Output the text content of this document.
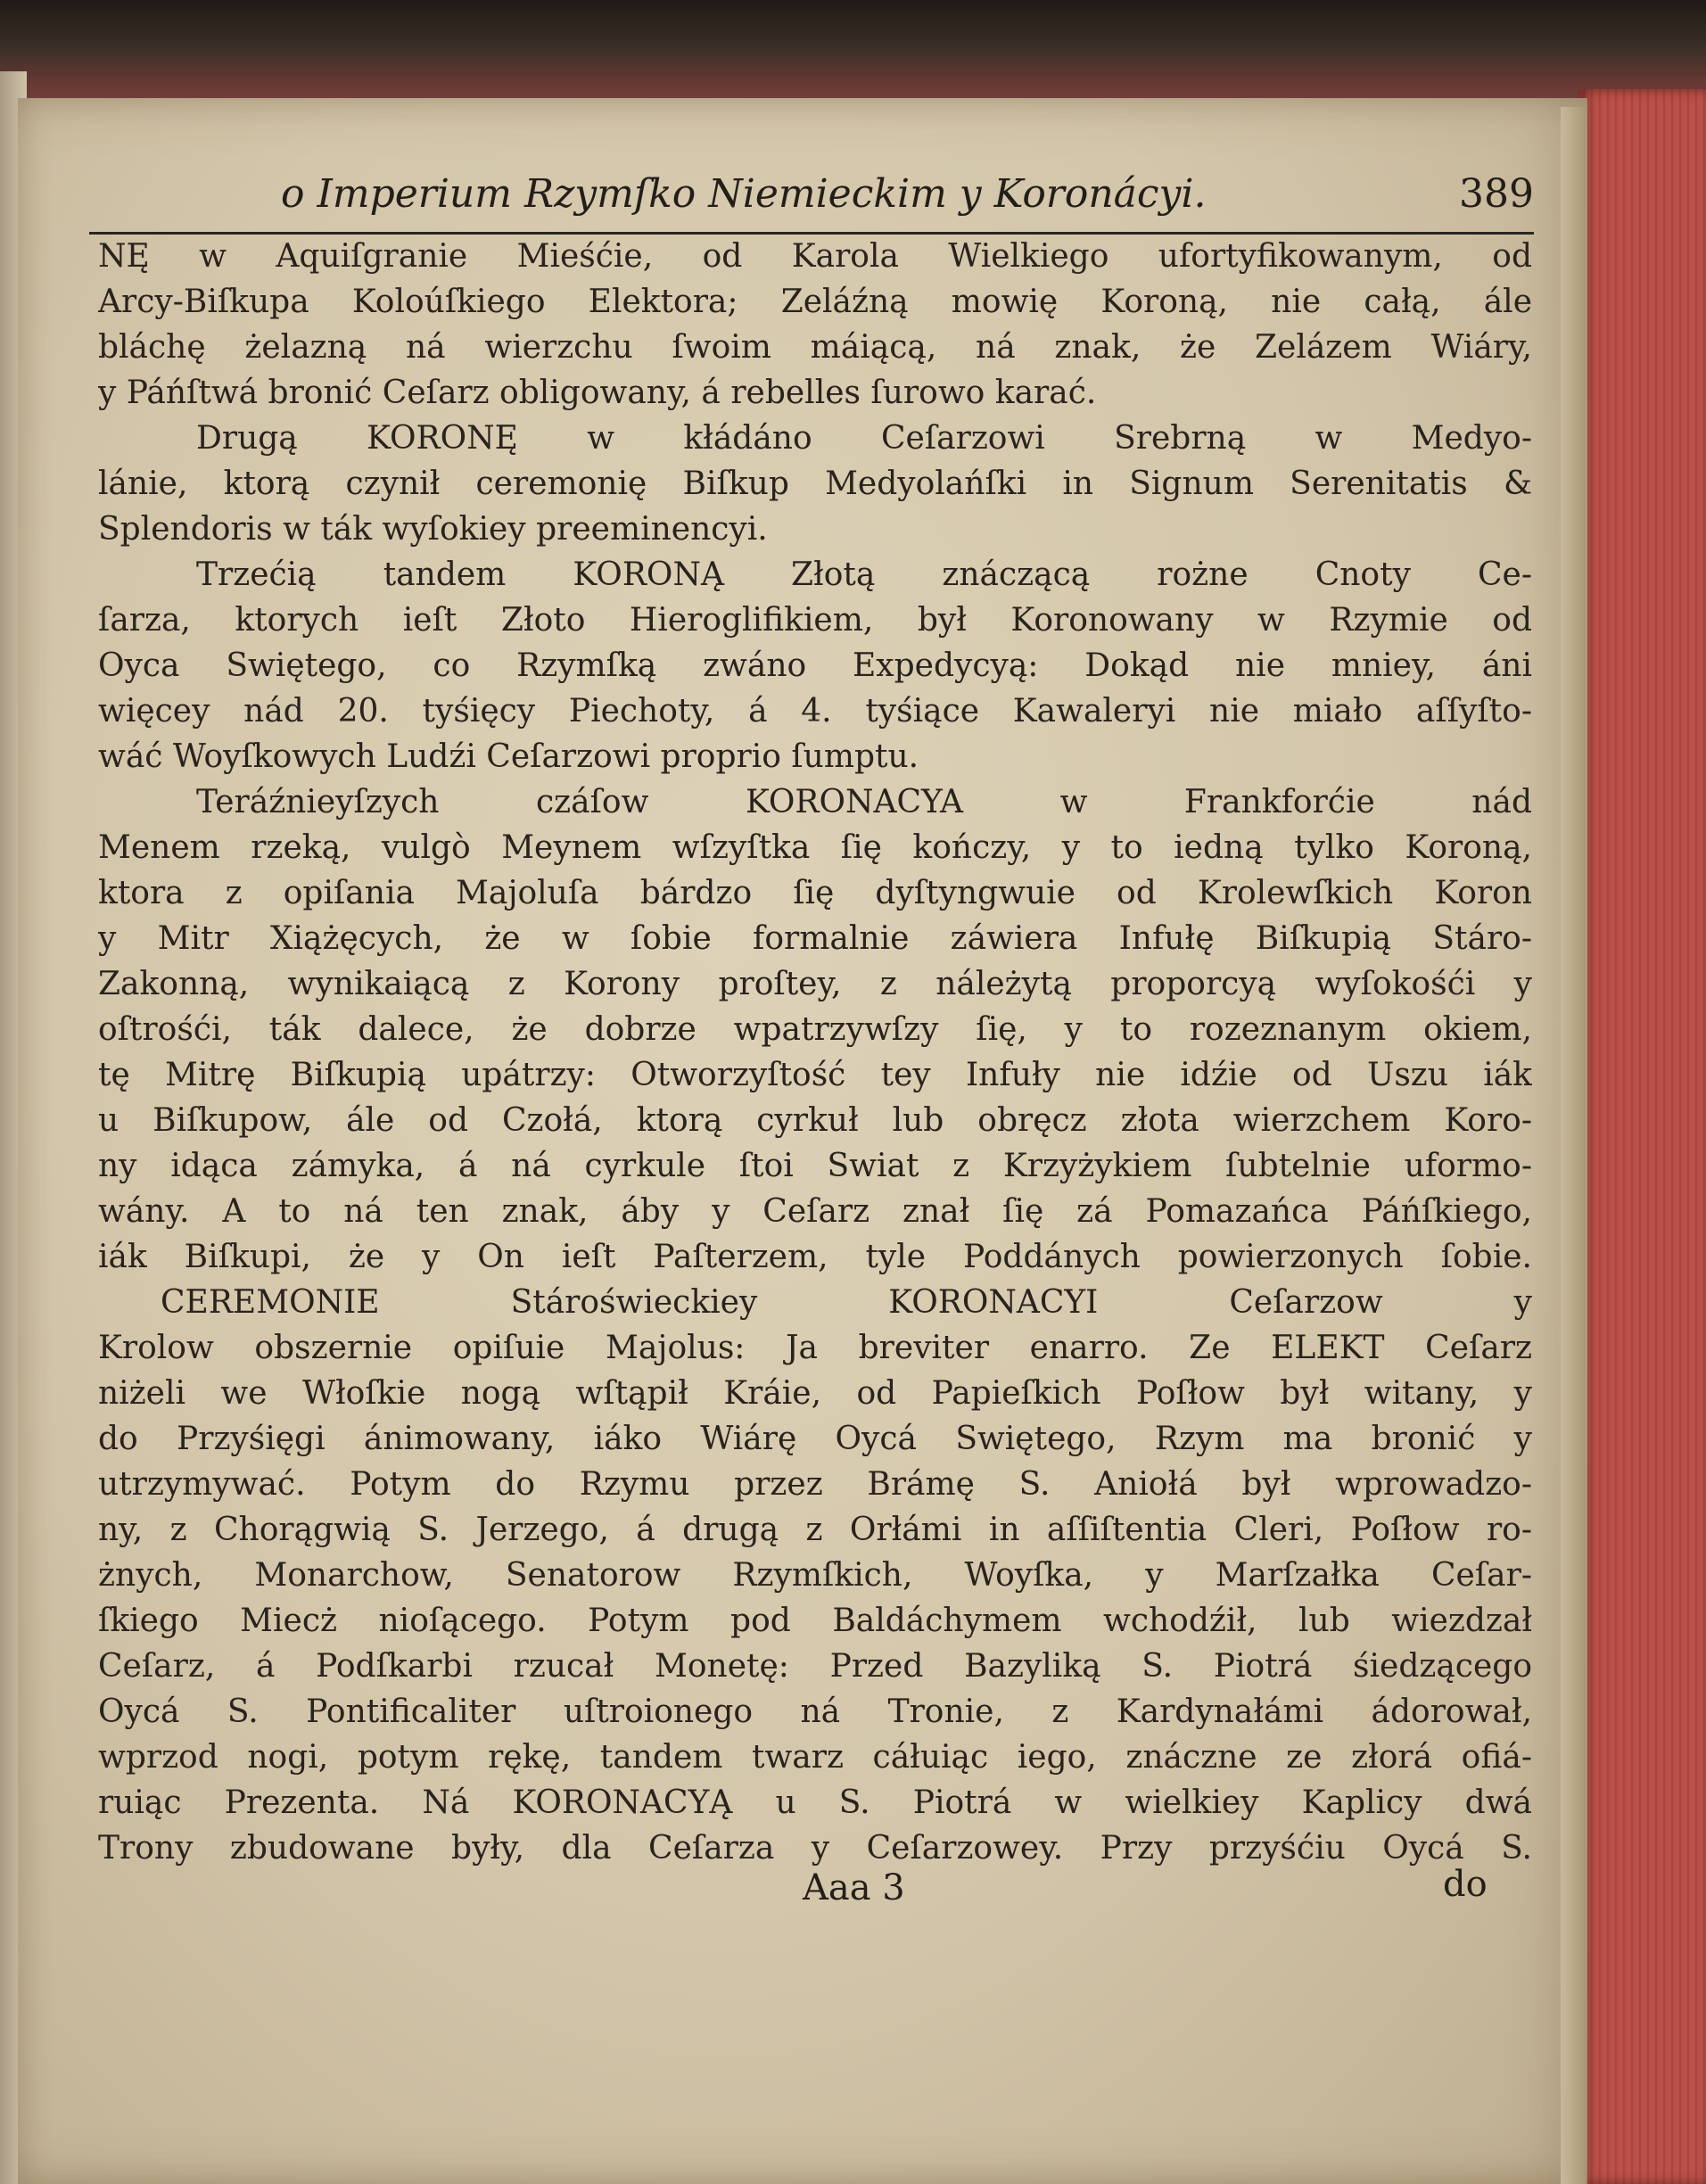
o Imperium Rzymſko Niemieckim y Koronácyi.	389
NĘ w Aquiſgranie Mieśćie, od Karola Wielkiego ufortyfikowanym, od
Arcy-Biſkupa Koloúſkiego Elektora; Zeláźną mowię Koroną, nie całą, ále
bláchę żelazną ná wierzchu ſwoim máiącą, ná znak, że Zelázem Wiáry,
y Páńſtwá bronić Ceſarz obligowany, á rebelles ſurowo karać.
Drugą KORONĘ w kłádáno Ceſarzowi Srebrną w Medyo-
lánie, ktorą czynił ceremonię Biſkup Medyolańſki in Signum Serenitatis &
Splendoris w ták wyſokiey preeminencyi.
Trzećią tandem KORONĄ Złotą znáczącą rożne Cnoty Ce-
ſarza, ktorych ieſt Złoto Hieroglifikiem, był Koronowany w Rzymie od
Oyca Swiętego, co Rzymſką zwáno Expedycyą: Dokąd nie mniey, áni
więcey nád 20. tyśięcy Piechoty, á 4. tyśiące Kawaleryi nie miało aſſyſto-
wáć Woyſkowych Ludźi Ceſarzowi proprio ſumptu.
Teráźnieyſzych czáſow KORONACYA w Frankforćie nád
Menem rzeką, vulgò Meynem wſzyſtka ſię kończy, y to iedną tylko Koroną,
ktora z opiſania Majoluſa bárdzo ſię dyſtyngwuie od Krolewſkich Koron
y Mitr Xiążęcych, że w ſobie formalnie záwiera Infułę Biſkupią Stáro-
Zakonną, wynikaiącą z Korony proſtey, z náleżytą proporcyą wyſokośći y
oſtrośći, ták dalece, że dobrze wpatrzywſzy ſię, y to rozeznanym okiem,
tę Mitrę Biſkupią upátrzy: Otworzyſtość tey Infuły nie idźie od Uszu iák
u Biſkupow, ále od Czołá, ktorą cyrkuł lub obręcz złota wierzchem Koro-
ny idąca zámyka, á ná cyrkule ſtoi Swiat z Krzyżykiem ſubtelnie uformo-
wány. A to ná ten znak, áby y Ceſarz znał ſię zá Pomazańca Páńſkiego,
iák Biſkupi, że y On ieſt Paſterzem, tyle Poddánych powierzonych ſobie.
CEREMONIE Stároświeckiey KORONACYI Ceſarzow y
Krolow obszernie opiſuie Majolus: Ja breviter enarro. Ze ELEKT Ceſarz
niżeli we Włoſkie nogą wſtąpił Kráie, od Papieſkich Poſłow był witany, y
do Przyśięgi ánimowany, iáko Wiárę Oycá Swiętego, Rzym ma bronić y
utrzymywać. Potym do Rzymu przez Brámę S. Aniołá był wprowadzo-
ny, z Chorągwią S. Jerzego, á drugą z Orłámi in aſſiſtentia Cleri, Poſłow ro-
żnych, Monarchow, Senatorow Rzymſkich, Woyſka, y Marſzałka Ceſar-
ſkiego Miecż nioſącego. Potym pod Baldáchymem wchodźił, lub wiezdzał
Ceſarz, á Podſkarbi rzucał Monetę: Przed Bazyliką S. Piotrá śiedzącego
Oycá S. Pontificaliter uſtroionego ná Tronie, z Kardynałámi ádorował,
wprzod nogi, potym rękę, tandem twarz cáłuiąc iego, znáczne ze złorá ofiá-
ruiąc Prezenta. Ná KORONACYĄ u S. Piotrá w wielkiey Kaplicy dwá
Trony zbudowane były, dla Ceſarza y Ceſarzowey. Przy przyśćiu Oycá S.
Aaa 3	do
